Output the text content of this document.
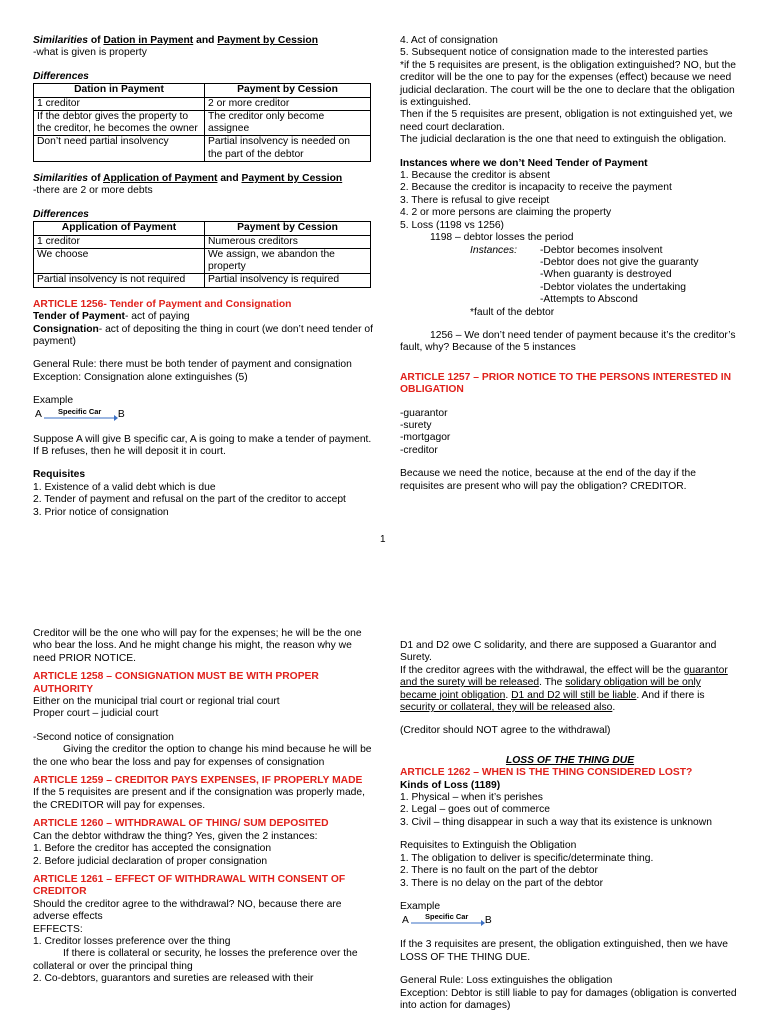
Similarities of Dation in Payment and Payment by Cession

-what is given is property

Differences

Dation in Payment	Payment by Cession
1 creditor	2 or more creditor
If the debtor gives the property to the creditor, he becomes the owner	The creditor only become assignee
Don’t need partial insolvency	Partial insolvency is needed on the part of the debtor

Similarities of Application of Payment and Payment by Cession

-there are 2 or more debts

Differences

Application of Payment	Payment by Cession
1 creditor	Numerous creditors
We choose	We assign, we abandon the property
Partial insolvency is not required	Partial insolvency is required

ARTICLE 1256- Tender of Payment and Consignation

Tender of Payment- act of paying

Consignation- act of depositing the thing in court (we don’t need tender of payment)

General Rule: there must be both tender of payment and consignation

Exception: Consignation alone extinguishes (5)

Example

A Specific Car B

Suppose A will give B specific car, A is going to make a tender of payment. If B refuses, then he will deposit it in court.

Requisites

1. Existence of a valid debt which is due

2. Tender of payment and refusal on the part of the creditor to accept

3. Prior notice of consignation

4. Act of consignation

5. Subsequent notice of consignation made to the interested parties

*if the 5 requisites are present, is the obligation extinguished? NO, but the creditor will be the one to pay for the expenses (effect) because we need judicial declaration. The court will be the one to declare that the obligation is extinguished.

Then if the 5 requisites are present, obligation is not extinguished yet, we need court declaration.

The judicial declaration is the one that need to extinguish the obligation.

Instances where we don’t Need Tender of Payment

1. Because the creditor is absent

2. Because the creditor is incapacity to receive the payment

3. There is refusal to give receipt

4. 2 or more persons are claiming the property

5. Loss (1198 vs 1256)

1198 – debtor losses the period

Instances:	-Debtor becomes insolvent

-Debtor does not give the guaranty

-When guaranty is destroyed

-Debtor violates the undertaking

-Attempts to Abscond

*fault of the debtor

1256 – We don’t need tender of payment because it’s the creditor’s fault, why? Because of the 5 instances

ARTICLE 1257 – PRIOR NOTICE TO THE PERSONS INTERESTED IN OBLIGATION

-guarantor

-surety

-mortgagor

-creditor

Because we need the notice, because at the end of the day if the requisites are present who will pay the obligation? CREDITOR.

1

Creditor will be the one who will pay for the expenses; he will be the one who bear the loss. And he might change his might, the reason why we need PRIOR NOTICE.

ARTICLE 1258 – CONSIGNATION MUST BE WITH PROPER AUTHORITY

Either on the municipal trial court or regional trial court

Proper court – judicial court

-Second notice of consignation

Giving the creditor the option to change his mind because he will be the one who bear the loss and pay for expenses of consignation

ARTICLE 1259 – CREDITOR PAYS EXPENSES, IF PROPERLY MADE

If the 5 requisites are present and if the consignation was properly made, the CREDITOR will pay for expenses.

ARTICLE 1260 – WITHDRAWAL OF THING/ SUM DEPOSITED

Can the debtor withdraw the thing? Yes, given the 2 instances:

1. Before the creditor has accepted the consignation

2. Before judicial declaration of proper consignation

ARTICLE 1261 – EFFECT OF WITHDRAWAL WITH CONSENT OF CREDITOR

Should the creditor agree to the withdrawal? NO, because there are adverse effects

EFFECTS:

1. Creditor losses preference over the thing

If there is collateral or security, he losses the preference over the collateral or over the principal thing

2. Co-debtors, guarantors and sureties are released with their

D1 and D2 owe C solidarity, and there are supposed a Guarantor and Surety.

If the creditor agrees with the withdrawal, the effect will be the guarantor and the surety will be released. The solidary obligation will be only became joint obligation. D1 and D2 will still be liable. And if there is security or collateral, they will be released also.

(Creditor should NOT agree to the withdrawal)

LOSS OF THE THING DUE

ARTICLE 1262 – WHEN IS THE THING CONSIDERED LOST?

Kinds of Loss (1189)

1. Physical – when it’s perishes

2. Legal – goes out of commerce

3. Civil – thing disappear in such a way that its existence is unknown

Requisites to Extinguish the Obligation

1. The obligation to deliver is specific/determinate thing.

2. There is no fault on the part of the debtor

3. There is no delay on the part of the debtor

Example

A Specific Car B

If the 3 requisites are present, the obligation extinguished, then we have LOSS OF THE THING DUE.

General Rule: Loss extinguishes the obligation

Exception: Debtor is still liable to pay for damages (obligation is converted into action for damages)
